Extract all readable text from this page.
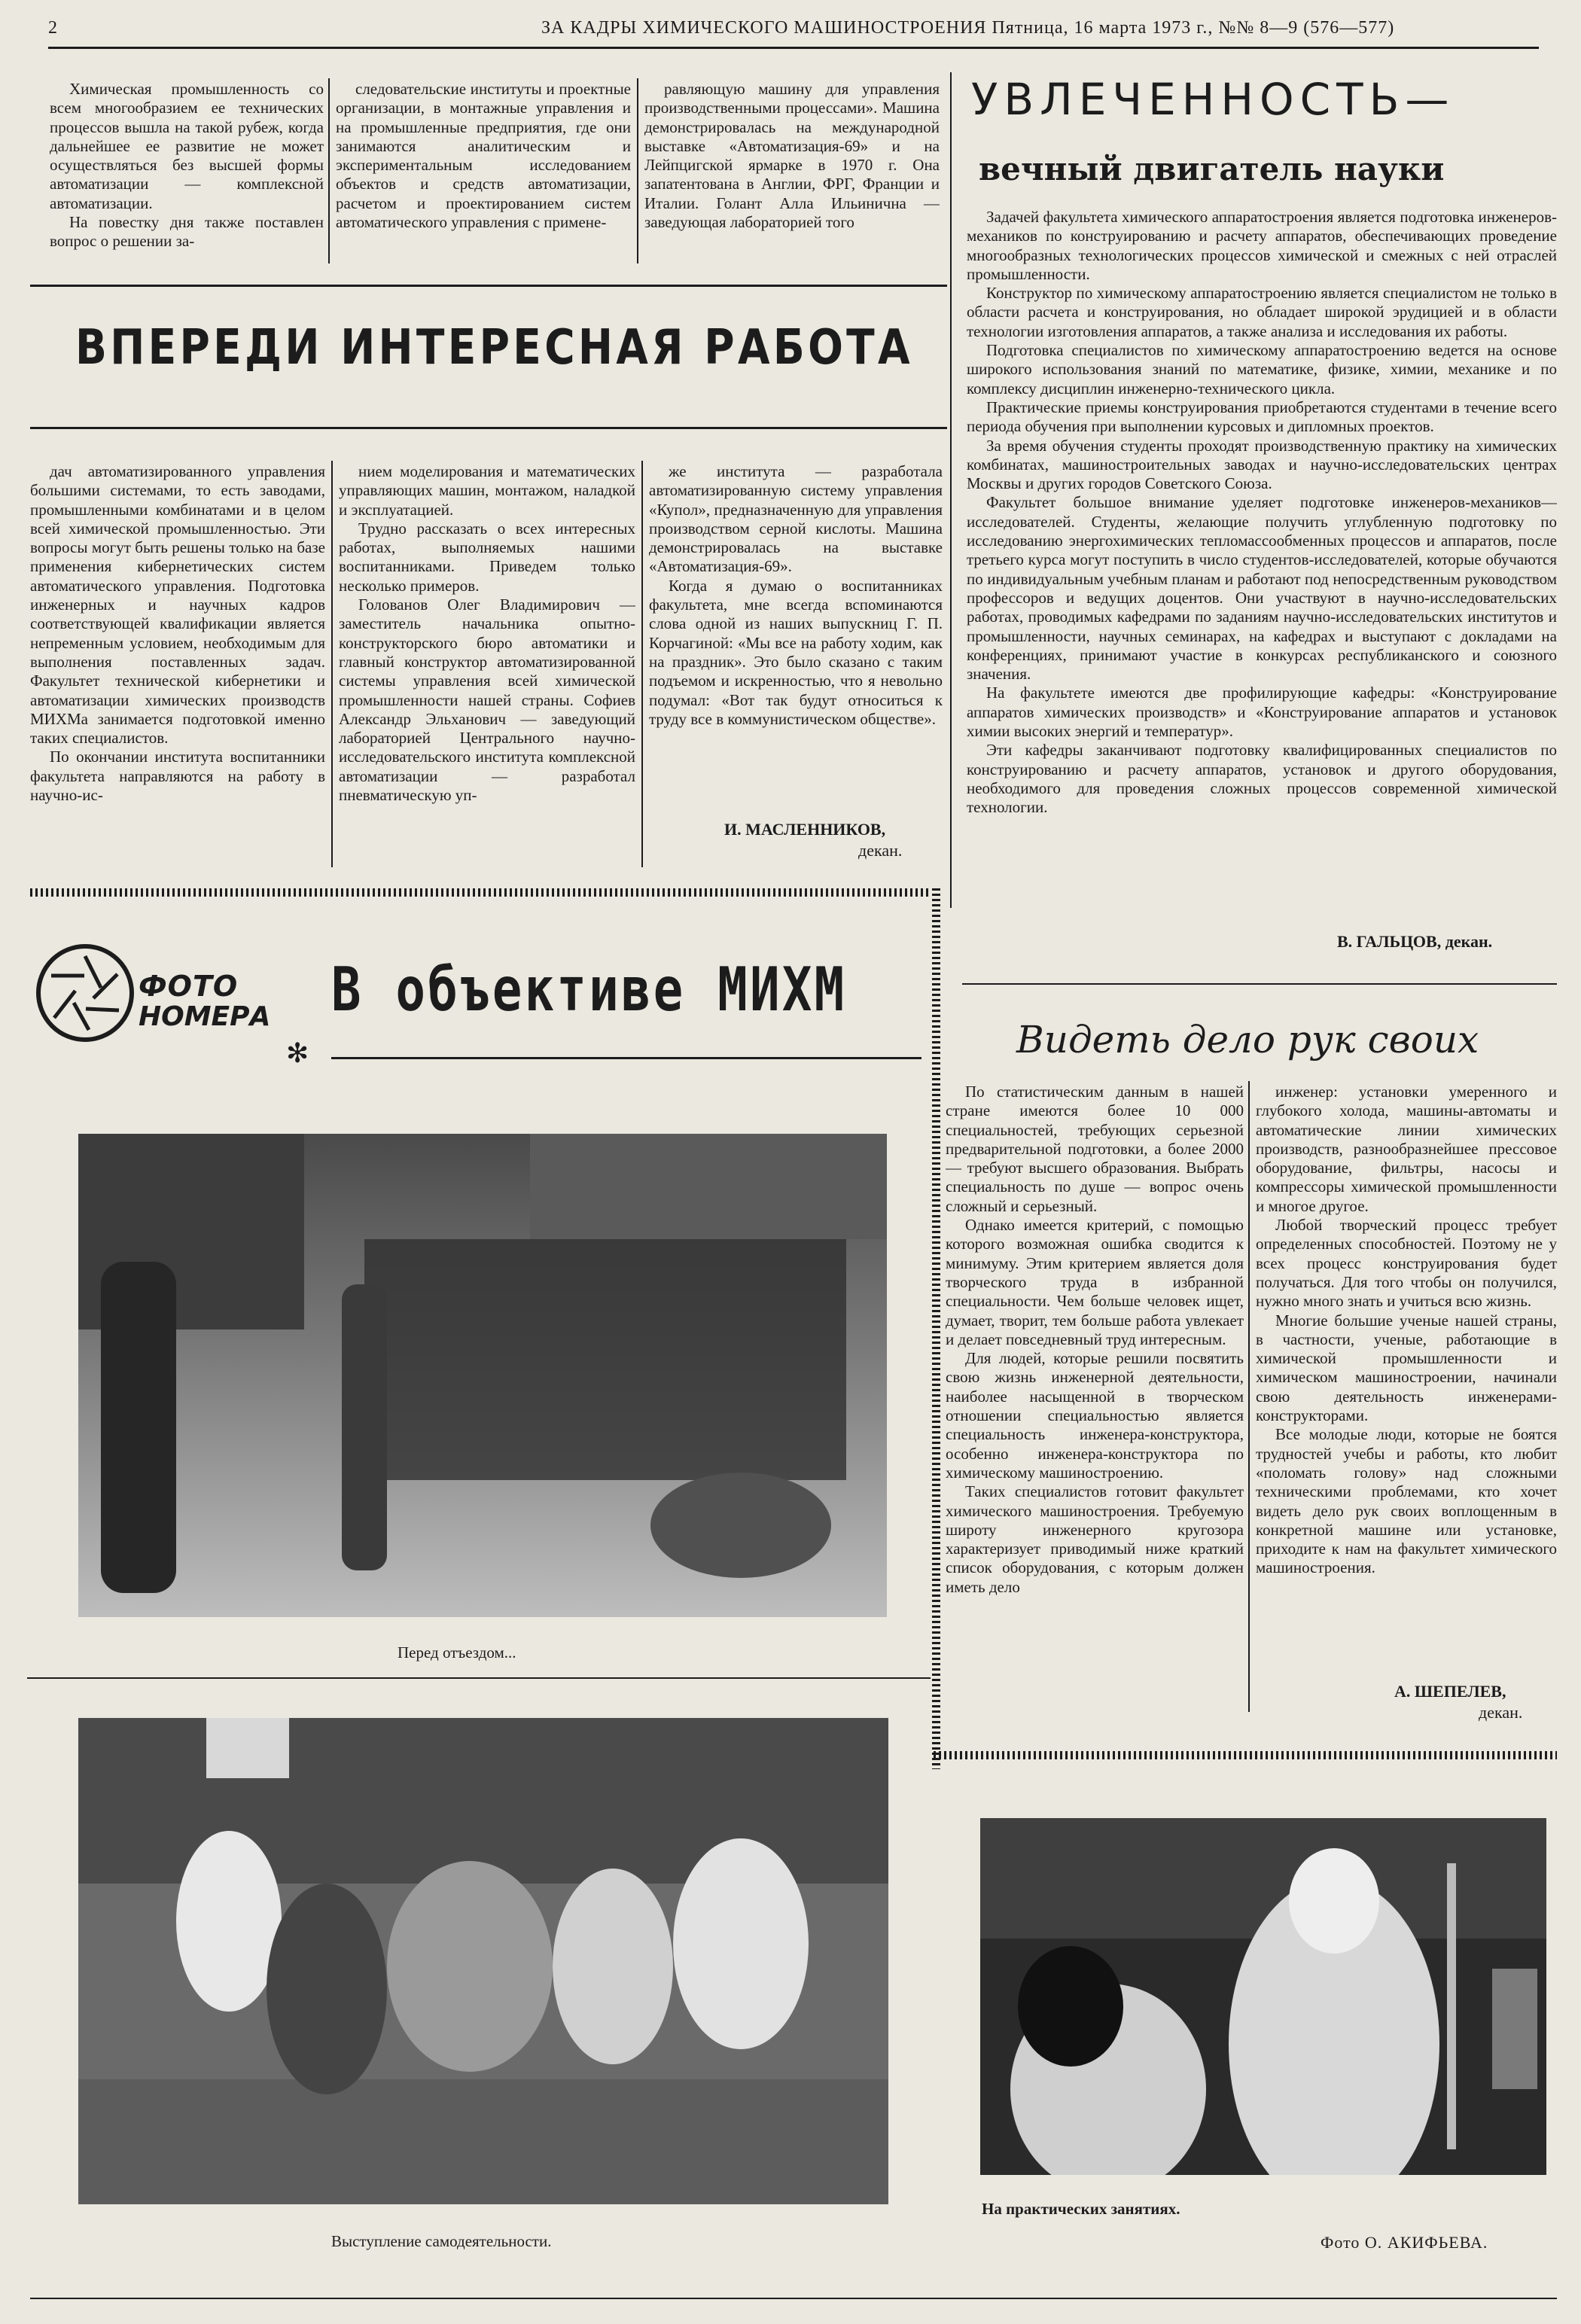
2	ЗА КАДРЫ ХИМИЧЕСКОГО МАШИНОСТРОЕНИЯ Пятница, 16 марта 1973 г., №№ 8—9 (576—577)

Химическая промышленность со всем многообразием ее технических процессов вышла на такой рубеж, когда дальнейшее ее развитие не может осуществляться без высшей формы автоматизации — комплексной автоматизации.

На повестку дня также поставлен вопрос о решении за-

следовательские институты и проектные организации, в монтажные управления и на промышленные предприятия, где они занимаются аналитическим и экспериментальным исследованием объектов и средств автоматизации, расчетом и проектированием систем автоматического управления с примене-

равляющую машину для управления производственными процессами». Машина демонстрировалась на международной выставке «Автоматизация-69» и на Лейпцигской ярмарке в 1970 г. Она запатентована в Англии, ФРГ, Франции и Италии. Голант Алла Ильинична — заведующая лабораторией того

ВПЕРЕДИ ИНТЕРЕСНАЯ РАБОТА

дач автоматизированного управления большими системами, то есть заводами, промышленными комбинатами и в целом всей химической промышленностью. Эти вопросы могут быть решены только на базе применения кибернетических систем автоматического управления. Подготовка инженерных и научных кадров соответствующей квалификации является непременным условием, необходимым для выполнения поставленных задач. Факультет технической кибернетики и автоматизации химических производств МИХМа занимается подготовкой именно таких специалистов.

По окончании института воспитанники факультета направляются на работу в научно-ис-

нием моделирования и математических управляющих машин, монтажом, наладкой и эксплуатацией.

Трудно рассказать о всех интересных работах, выполняемых нашими воспитанниками. Приведем только несколько примеров.

Голованов Олег Владимирович — заместитель начальника опытно-конструкторского бюро автоматики и главный конструктор автоматизированной системы управления всей химической промышленности нашей страны. Софиев Александр Эльханович — заведующий лабораторией Центрального научно-исследовательского института комплексной автоматизации — разработал пневматическую уп-

же института — разработала автоматизированную систему управления «Купол», предназначенную для управления производством серной кислоты. Машина демонстрировалась на выставке «Автоматизация-69».

Когда я думаю о воспитанниках факультета, мне всегда вспоминаются слова одной из наших выпускниц Г. П. Корчагиной: «Мы все на работу ходим, как на праздник». Это было сказано с таким подъемом и искренностью, что я невольно подумал: «Вот так будут относиться к труду все в коммунистическом обществе».

И. МАСЛЕННИКОВ,
декан.
УВЛЕЧЕННОСТЬ—
вечный двигатель науки

Задачей факультета химического аппаратостроения является подготовка инженеров-механиков по конструированию и расчету аппаратов, обеспечивающих проведение многообразных технологических процессов химической и смежных с ней отраслей промышленности.

Конструктор по химическому аппаратостроению является специалистом не только в области расчета и конструирования, но обладает широкой эрудицией и в области технологии изготовления аппаратов, а также анализа и исследования их работы.

Подготовка специалистов по химическому аппаратостроению ведется на основе широкого использования знаний по математике, физике, химии, механике и по комплексу дисциплин инженерно-технического цикла.

Практические приемы конструирования приобретаются студентами в течение всего периода обучения при выполнении курсовых и дипломных проектов.

За время обучения студенты проходят производственную практику на химических комбинатах, машиностроительных заводах и научно-исследовательских центрах Москвы и других городов Советского Союза.

Факультет большое внимание уделяет подготовке инженеров-механиков—исследователей. Студенты, желающие получить углубленную подготовку по исследованию энергохимических тепломассообменных процессов и аппаратов, после третьего курса могут поступить в число студентов-исследователей, которые обучаются по индивидуальным учебным планам и работают под непосредственным руководством профессоров и ведущих доцентов. Они участвуют в научно-исследовательских работах, проводимых кафедрами по заданиям научно-исследовательских институтов и промышленности, научных семинарах, на кафедрах и выступают с докладами на конференциях, принимают участие в конкурсах республиканского и союзного значения.

На факультете имеются две профилирующие кафедры: «Конструирование аппаратов химических производств» и «Конструирование аппаратов и установок химии высоких энергий и температур».

Эти кафедры заканчивают подготовку квалифицированных специалистов по конструированию и расчету аппаратов, установок и другого оборудования, необходимого для проведения сложных процессов современной химической технологии.

В. ГАЛЬЦОВ, декан.
ФОТО
НОМЕРА
✻
В объективе МИХМ
Перед отъездом...
Выступление самодеятельности.
Видеть дело рук своих

По статистическим данным в нашей стране имеются более 10 000 специальностей, требующих серьезной предварительной подготовки, а более 2000 — требуют высшего образования. Выбрать специальность по душе — вопрос очень сложный и серьезный.

Однако имеется критерий, с помощью которого возможная ошибка сводится к минимуму. Этим критерием является доля творческого труда в избранной специальности. Чем больше человек ищет, думает, творит, тем больше работа увлекает и делает повседневный труд интересным.

Для людей, которые решили посвятить свою жизнь инженерной деятельности, наиболее насыщенной в творческом отношении специальностью является специальность инженера-конструктора, особенно инженера-конструктора по химическому машиностроению.

Таких специалистов готовит факультет химического машиностроения. Требуемую широту инженерного кругозора характеризует приводимый ниже краткий список оборудования, с которым должен иметь дело

инженер: установки умеренного и глубокого холода, машины-автоматы и автоматические линии химических производств, разнообразнейшее прессовое оборудование, фильтры, насосы и компрессоры химической промышленности и многое другое.

Любой творческий процесс требует определенных способностей. Поэтому не у всех процесс конструирования будет получаться. Для того чтобы он получился, нужно много знать и учиться всю жизнь.

Многие большие ученые нашей страны, в частности, ученые, работающие в химической промышленности и химическом машиностроении, начинали свою деятельность инженерами-конструкторами.

Все молодые люди, которые не боятся трудностей учебы и работы, кто любит «поломать голову» над сложными техническими проблемами, кто хочет видеть дело рук своих воплощенным в конкретной машине или установке, приходите к нам на факультет химического машиностроения.

А. ШЕПЕЛЕВ,
декан.
На практических занятиях.
Фото О. АКИФЬЕВА.
